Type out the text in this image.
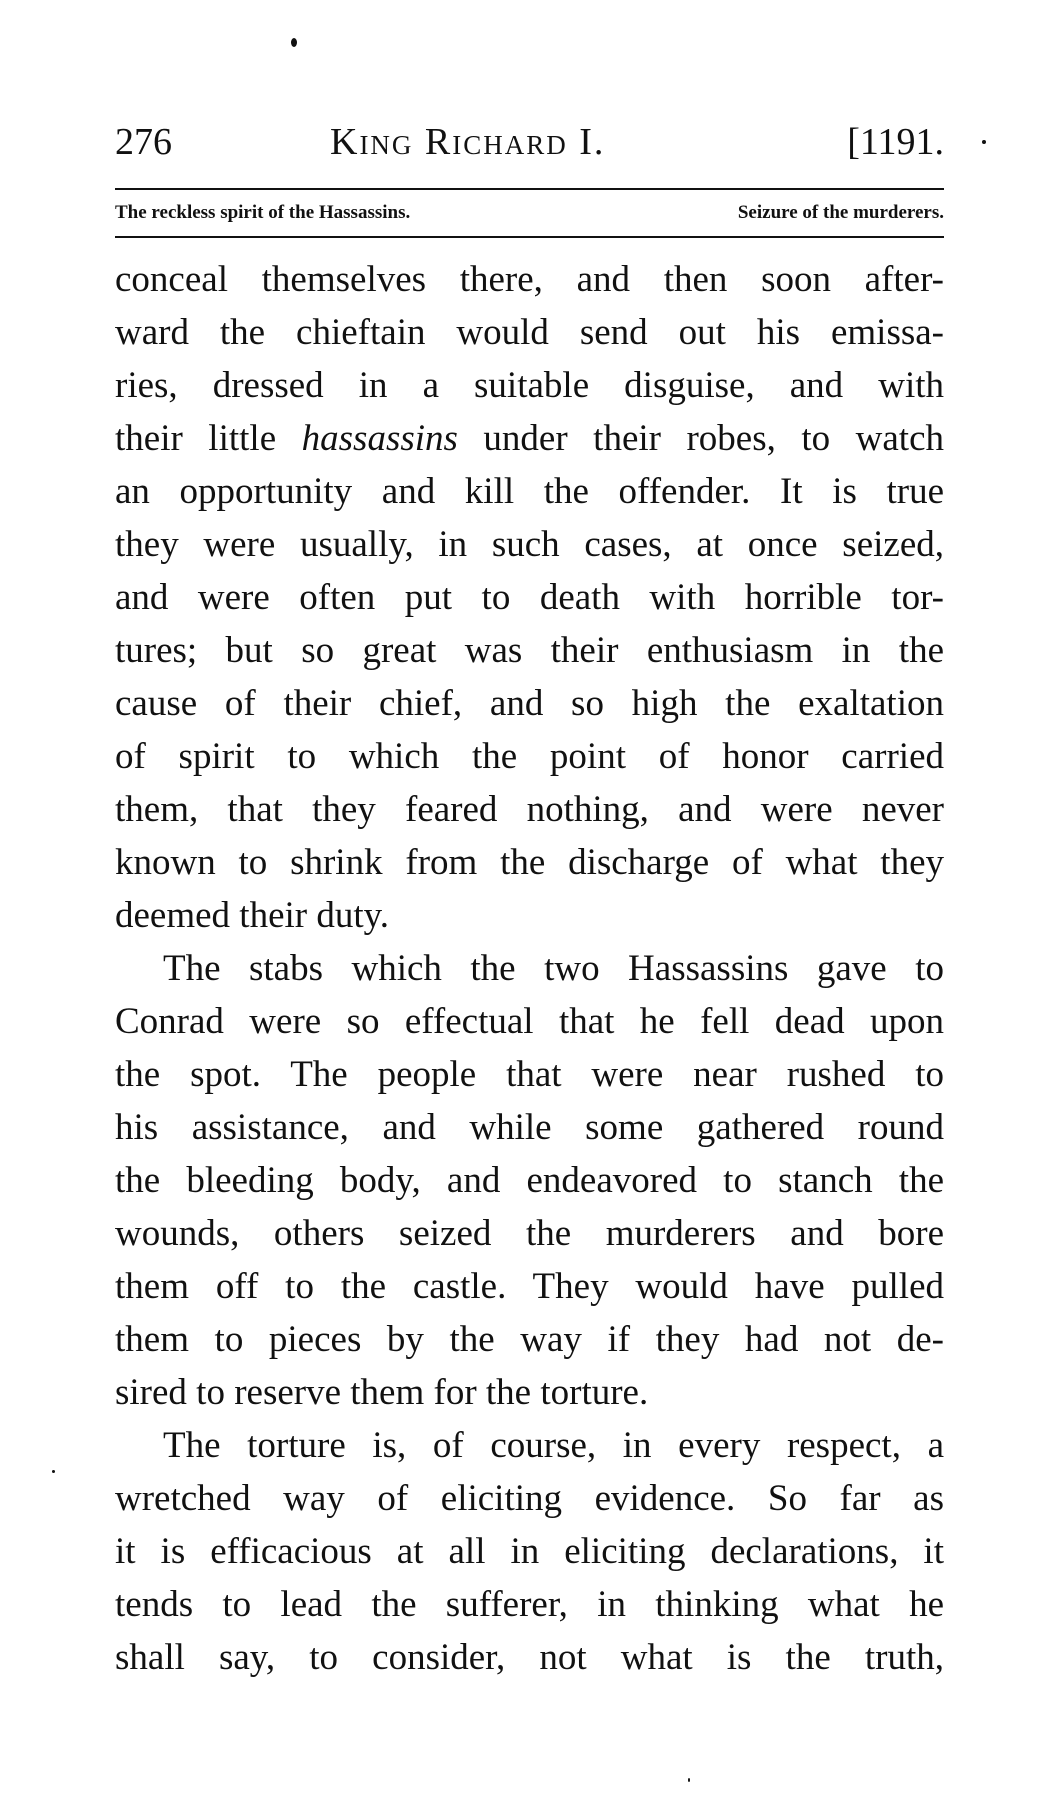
276	King Richard I.	[1191.
The reckless spirit of the Hassassins.	Seizure of the murderers.
conceal themselves there, and then soon after-
ward the chieftain would send out his emissa-
ries, dressed in a suitable disguise, and with
their little hassassins under their robes, to watch
an opportunity and kill the offender. It is true
they were usually, in such cases, at once seized,
and were often put to death with horrible tor-
tures; but so great was their enthusiasm in the
cause of their chief, and so high the exaltation
of spirit to which the point of honor carried
them, that they feared nothing, and were never
known to shrink from the discharge of what they
deemed their duty.
The stabs which the two Hassassins gave to
Conrad were so effectual that he fell dead upon
the spot. The people that were near rushed to
his assistance, and while some gathered round
the bleeding body, and endeavored to stanch the
wounds, others seized the murderers and bore
them off to the castle. They would have pulled
them to pieces by the way if they had not de-
sired to reserve them for the torture.
The torture is, of course, in every respect, a
wretched way of eliciting evidence. So far as
it is efficacious at all in eliciting declarations, it
tends to lead the sufferer, in thinking what he
shall say, to consider, not what is the truth,
